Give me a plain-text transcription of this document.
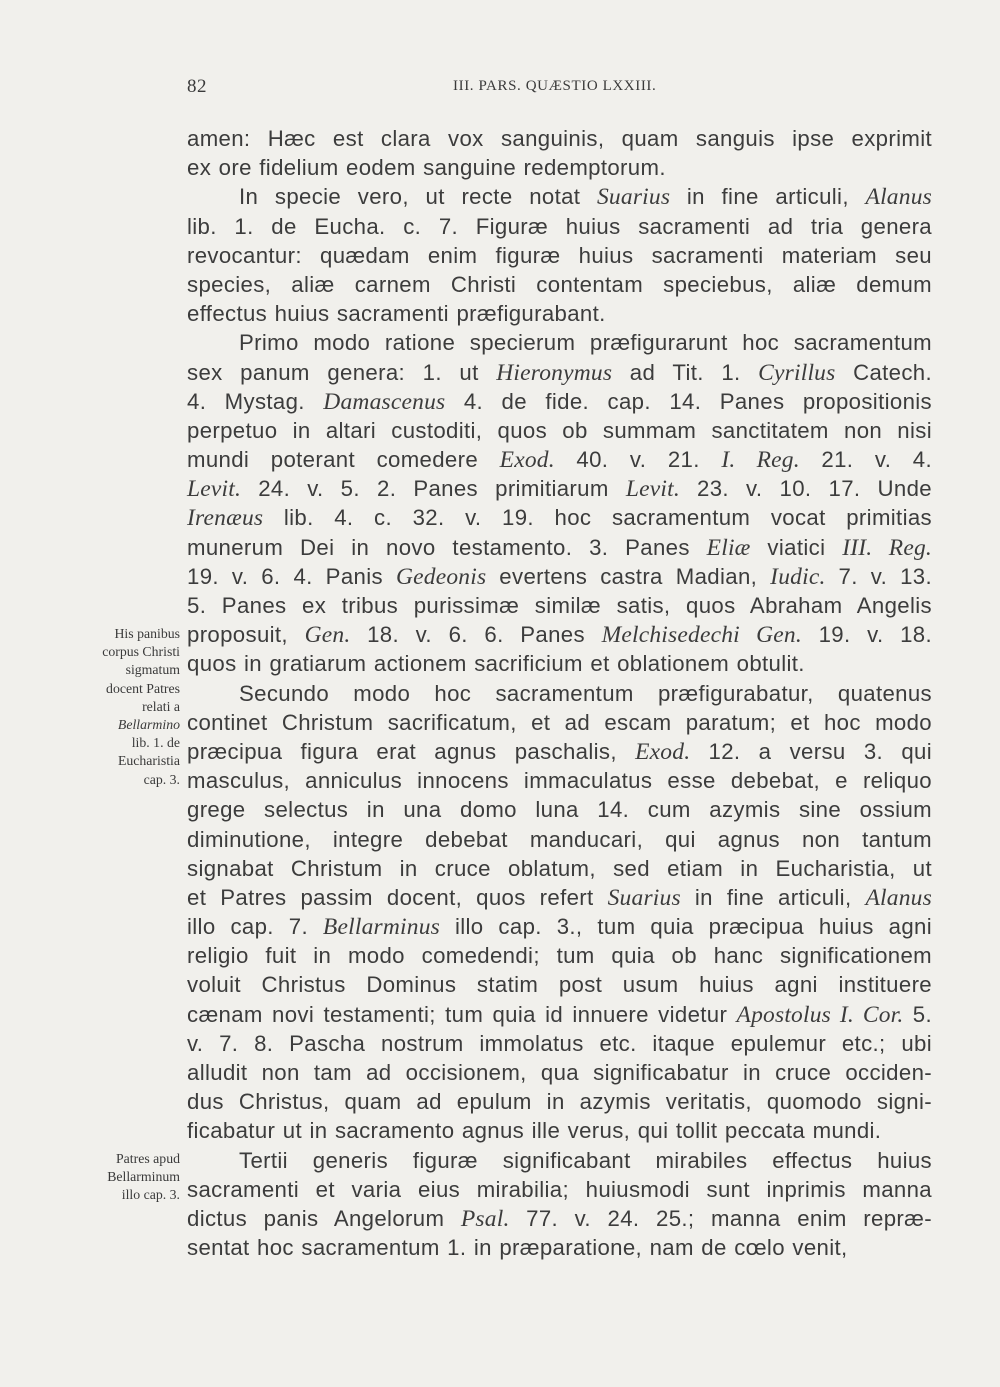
82	III. PARS. QUÆSTIO LXXIII.
amen: Hæc est clara vox sanguinis, quam sanguis ipse exprimit
ex ore fidelium eodem sanguine redemptorum.
In specie vero, ut recte notat Suarius in fine articuli, Alanus
lib. 1. de Eucha. c. 7. Figuræ huius sacramenti ad tria genera
revocantur: quædam enim figuræ huius sacramenti materiam seu
species, aliæ carnem Christi contentam speciebus, aliæ demum
effectus huius sacramenti præfigurabant.
Primo modo ratione specierum præfigurarunt hoc sacramentum
sex panum genera: 1. ut Hieronymus ad Tit. 1. Cyrillus Catech.
4. Mystag. Damascenus 4. de fide. cap. 14. Panes propositionis
perpetuo in altari custoditi, quos ob summam sanctitatem non nisi
mundi poterant comedere Exod. 40. v. 21. I. Reg. 21. v. 4.
Levit. 24. v. 5. 2. Panes primitiarum Levit. 23. v. 10. 17. Unde
Irenæus lib. 4. c. 32. v. 19. hoc sacramentum vocat primitias
munerum Dei in novo testamento. 3. Panes Eliæ viatici III. Reg.
19. v. 6. 4. Panis Gedeonis evertens castra Madian, Iudic. 7. v. 13.
5. Panes ex tribus purissimæ similæ satis, quos Abraham Angelis
proposuit, Gen. 18. v. 6. 6. Panes Melchisedechi Gen. 19. v. 18.
quos in gratiarum actionem sacrificium et oblationem obtulit.
Secundo modo hoc sacramentum præfigurabatur, quatenus
continet Christum sacrificatum, et ad escam paratum; et hoc modo
præcipua figura erat agnus paschalis, Exod. 12. a versu 3. qui
masculus, anniculus innocens immaculatus esse debebat, e reliquo
grege selectus in una domo luna 14. cum azymis sine ossium
diminutione, integre debebat manducari, qui agnus non tantum
signabat Christum in cruce oblatum, sed etiam in Eucharistia, ut
et Patres passim docent, quos refert Suarius in fine articuli, Alanus
illo cap. 7. Bellarminus illo cap. 3., tum quia præcipua huius agni
religio fuit in modo comedendi; tum quia ob hanc significationem
voluit Christus Dominus statim post usum huius agni instituere
cænam novi testamenti; tum quia id innuere videtur Apostolus I. Cor. 5.
v. 7. 8. Pascha nostrum immolatus etc. itaque epulemur etc.; ubi
alludit non tam ad occisionem, qua significabatur in cruce occiden-
dus Christus, quam ad epulum in azymis veritatis, quomodo signi-
ficabatur ut in sacramento agnus ille verus, qui tollit peccata mundi.
Tertii generis figuræ significabant mirabiles effectus huius
sacramenti et varia eius mirabilia; huiusmodi sunt inprimis manna
dictus panis Angelorum Psal. 77. v. 24. 25.; manna enim repræ-
sentat hoc sacramentum 1. in præparatione, nam de cœlo venit,
His panibus
corpus Christi
sigmatum
docent Patres
relati a
Bellarmino
lib. 1. de
Eucharistia
cap. 3.
Patres apud
Bellarminum
illo cap. 3.
